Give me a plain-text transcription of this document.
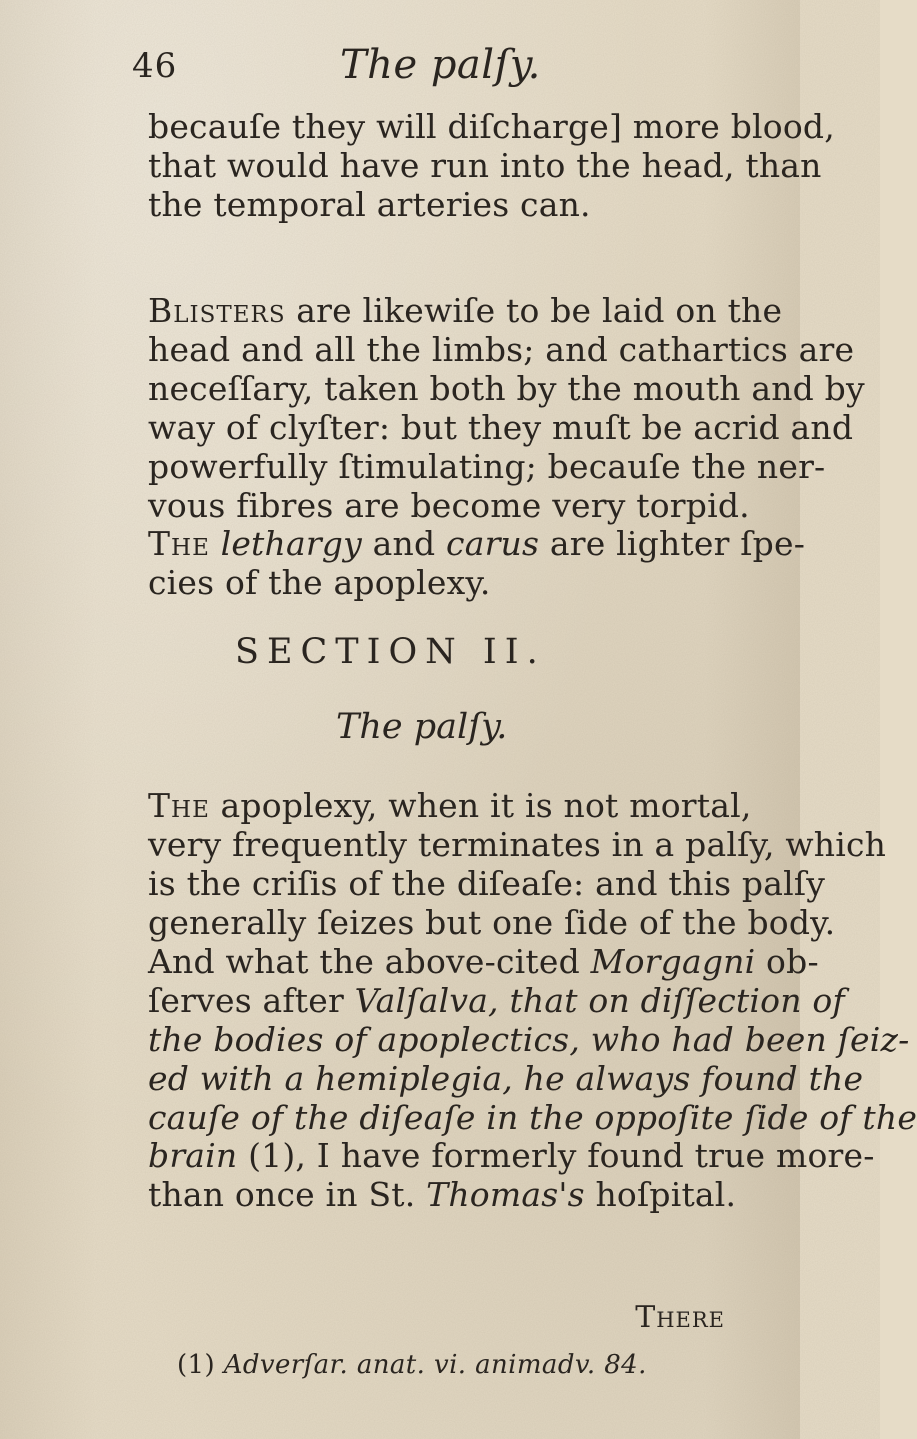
46	The palſy.
becauſe they will diſcharge] more blood,
that would have run into the head, than
the temporal arteries can.
Blisters are likewiſe to be laid on the
head and all the limbs; and cathartics are
neceſſary, taken both by the mouth and by
way of clyſter: but they muſt be acrid and
powerfully ſtimulating; becauſe the ner-
vous fibres are become very torpid.
The lethargy and carus are lighter ſpe-
cies of the apoplexy.
SECTION II.
The palſy.
The apoplexy, when it is not mortal,
very frequently terminates in a palſy, which
is the criſis of the diſeaſe: and this palſy
generally ſeizes but one ſide of the body.
And what the above-cited Morgagni ob-
ſerves after Valſalva, that on diſſection of
the bodies of apoplectics, who had been ſeiz-
ed with a hemiplegia, he always found the
cauſe of the diſeaſe in the oppoſite ſide of the
brain (1), I have formerly found true more-
than once in St. Thomas's hoſpital.
There
(1) Adverſar. anat. vi. animadv. 84.
